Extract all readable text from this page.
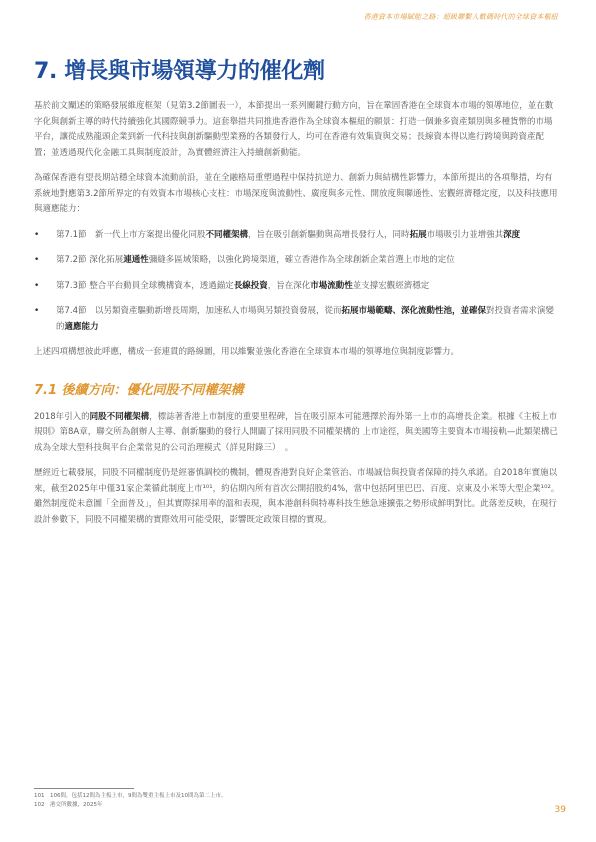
香港資本市場賦能之路：超級聯繫人數碼時代的全球資本樞紐
7. 增長與市場領導力的催化劑

基於前文闡述的策略發展維度框架（見第3.2節圖表一），本節提出一系列關鍵行動方向，旨在鞏固香港在全球資本市場的領導地位，並在數字化與創新主導的時代持續強化其國際競爭力。這套舉措共同推進香港作為全球資本樞紐的願景：打造一個兼多資產類別與多種貨幣的市場平台，讓從成熟龍頭企業到新一代科技與創新驅動型業務的各類發行人，均可在香港有效集資與交易；長線資本得以進行跨境與跨資產配置；並透過現代化金融工具與制度設計，為實體經濟注入持續創新動能。

為確保香港有望長期站穩全球資本流動前沿，並在全融格局重塑過程中保持抗逆力、創新力與結構性影響力，本節所提出的各項舉措，均有系統地對應第3.2節所界定的有效資本市場核心支柱：市場深度與流動性、廣度與多元性、開放度與聯通性、宏觀經濟穩定度，以及科技應用與適應能力：

• 第7.1節　新一代上市方案提出優化同股不同權架構，旨在吸引創新驅動與高增長發行人，同時拓展市場吸引力並增強其深度
• 第7.2節 深化拓展連通性彌縫多區域策略，以強化跨境渠道，確立香港作為全球創新企業首選上市地的定位
• 第7.3節 整合平台動員全球機構資本，透過錨定長線投資，旨在深化市場流動性並支撐宏觀經濟穩定
• 第7.4節　以另類資產驅動新增長周期，加速私人市場與另類投資發展，從而拓展市場範疇、深化流動性池，並確保對投資者需求演變的適應能力

上述四項構想彼此呼應，構成一套連貫的路線圖，用以維繫並強化香港在全球資本市場的領導地位與制度影響力。

7.1 後續方向：優化同股不同權架構

2018年引入的同股不同權架構，標誌著香港上市制度的重要里程碑，旨在吸引原本可能選擇於海外第一上市的高增長企業。根據《主板上市規則》第8A章，聯交所為創辦人主導、創新驅動的發行人開闢了採用同股不同權架構的 上市途徑，與美國等主要資本市場接軌—此類架構已成為全球大型科技與平台企業常見的公司治理模式（詳見附錄三）　。

歷經近七載發展，同股不同權制度仍是經審慎調校的機制，體現香港對良好企業管治、市場誠信與投資者保障的持久承諾。自2018年實施以來，截至2025年中僅31家企業循此制度上市¹⁰¹，約佔期內所有首次公開招股約4%，當中包括阿里巴巴、百度、京東及小米等大型企業¹⁰²。雖然制度從未意圖「全面普及」，但其實際採用率的溫和表現，與本港創科與特專科技生態急速擴張之勢形成鮮明對比。此落差反映，在現行設計參數下，同股不同權架構的實際效用可能受限，影響既定政策目標的實現。

101　106間，包括12間為主板上市，9間為雙重主板上市及10間為第二上市。
102　港交所數據，2025年	39
